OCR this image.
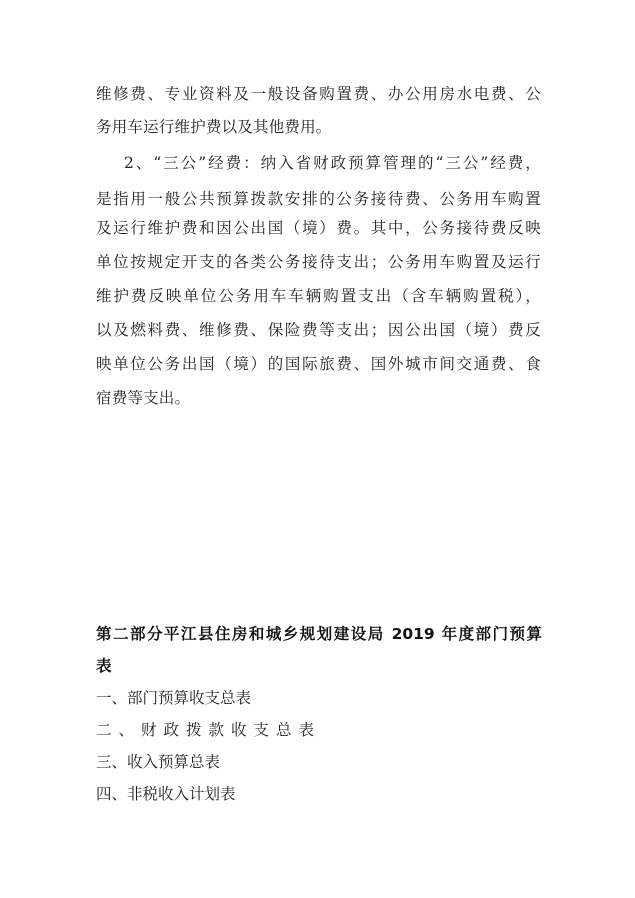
维修费、专业资料及一般设备购置费、办公用房水电费、公
务用车运行维护费以及其他费用。
2、“三公”经费：纳入省财政预算管理的“三公”经费，
是指用一般公共预算拨款安排的公务接待费、公务用车购置
及运行维护费和因公出国（境）费。其中，公务接待费反映
单位按规定开支的各类公务接待支出；公务用车购置及运行
维护费反映单位公务用车车辆购置支出（含车辆购置税），
以及燃料费、维修费、保险费等支出；因公出国（境）费反
映单位公务出国（境）的国际旅费、国外城市间交通费、食
宿费等支出。
第二部分平江县住房和城乡规划建设局 2019 年度部门预算
表
一、部门预算收支总表
二、财政拨款收支总表
三、收入预算总表
四、非税收入计划表
